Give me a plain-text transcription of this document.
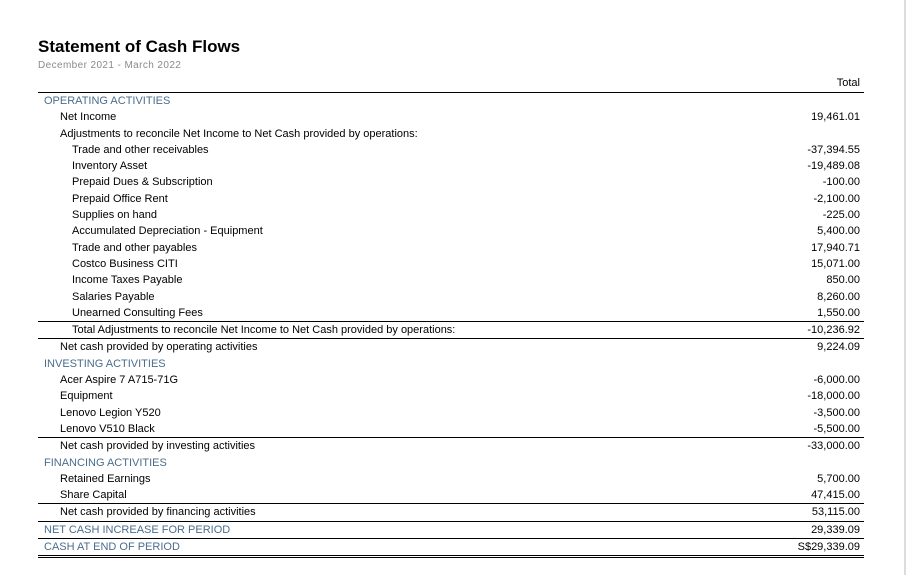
Statement of Cash Flows
December 2021 - March 2022
Total
OPERATING ACTIVITIES
Net Income	19,461.01
Adjustments to reconcile Net Income to Net Cash provided by operations:
Trade and other receivables	-37,394.55
Inventory Asset	-19,489.08
Prepaid Dues & Subscription	-100.00
Prepaid Office Rent	-2,100.00
Supplies on hand	-225.00
Accumulated Depreciation - Equipment	5,400.00
Trade and other payables	17,940.71
Costco Business CITI	15,071.00
Income Taxes Payable	850.00
Salaries Payable	8,260.00
Unearned Consulting Fees	1,550.00
Total Adjustments to reconcile Net Income to Net Cash provided by operations:	-10,236.92
Net cash provided by operating activities	9,224.09
INVESTING ACTIVITIES
Acer Aspire 7 A715-71G	-6,000.00
Equipment	-18,000.00
Lenovo Legion Y520	-3,500.00
Lenovo V510 Black	-5,500.00
Net cash provided by investing activities	-33,000.00
FINANCING ACTIVITIES
Retained Earnings	5,700.00
Share Capital	47,415.00
Net cash provided by financing activities	53,115.00
NET CASH INCREASE FOR PERIOD	29,339.09
CASH AT END OF PERIOD	S$29,339.09
